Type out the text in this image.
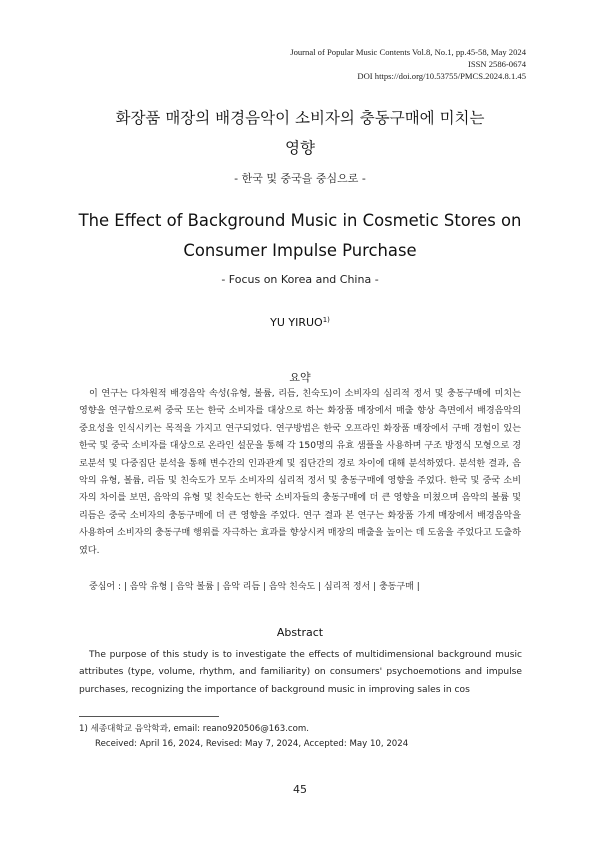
Journal of Popular Music Contents Vol.8, No.1, pp.45-58, May 2024
ISSN 2586-0674
DOI https://doi.org/10.53755/PMCS.2024.8.1.45
화장품 매장의 배경음악이 소비자의 충동구매에 미치는
영향
- 한국 및 중국을 중심으로 -
The Effect of Background Music in Cosmetic Stores on
Consumer Impulse Purchase
- Focus on Korea and China -
YU YIRUO$^{1)}$
요약
이 연구는 다차원적 배경음악 속성(유형, 볼륨, 리듬, 친숙도)이 소비자의 심리적 정서 및 충동구매에 미치는 영향을 연구함으로써 중국 또는 한국 소비자를 대상으로 하는 화장품 매장에서 매출 향상 측면에서 배경음악의 중요성을 인식시키는 목적을 가지고 연구되었다. 연구방법은 한국 오프라인 화장품 매장에서 구매 경험이 있는 한국 및 중국 소비자를 대상으로 온라인 설문을 통해 각 150명의 유효 샘플을 사용하며 구조 방정식 모형으로 경로분석 및 다중집단 분석을 통해 변수간의 인과관계 및 집단간의 경로 차이에 대해 분석하였다. 분석한 결과, 음악의 유형, 볼륨, 리듬 및 친숙도가 모두 소비자의 심리적 정서 및 충동구매에 영향을 주었다. 한국 및 중국 소비자의 차이를 보면, 음악의 유형 및 친숙도는 한국 소비자들의 충동구매에 더 큰 영향을 미쳤으며 음악의 볼륨 및 리듬은 중국 소비자의 충동구매에 더 큰 영향을 주었다. 연구 결과 본 연구는 화장품 가게 매장에서 배경음악을 사용하여 소비자의 충동구매 행위를 자극하는 효과를 향상시켜 매장의 매출을 높이는 데 도움을 주었다고 도출하였다.
중심어 : | 음악 유형 | 음악 볼륨 | 음악 리듬 | 음악 친숙도 | 심리적 정서 | 충동구매 |
Abstract
The purpose of this study is to investigate the effects of multidimensional background music attributes (type, volume, rhythm, and familiarity) on consumers' psychoemotions and impulse purchases, recognizing the importance of background music in improving sales in cos
1) 세종대학교 음악학과, email: reano920506@163.com.
Received: April 16, 2024, Revised: May 7, 2024, Accepted: May 10, 2024
45
